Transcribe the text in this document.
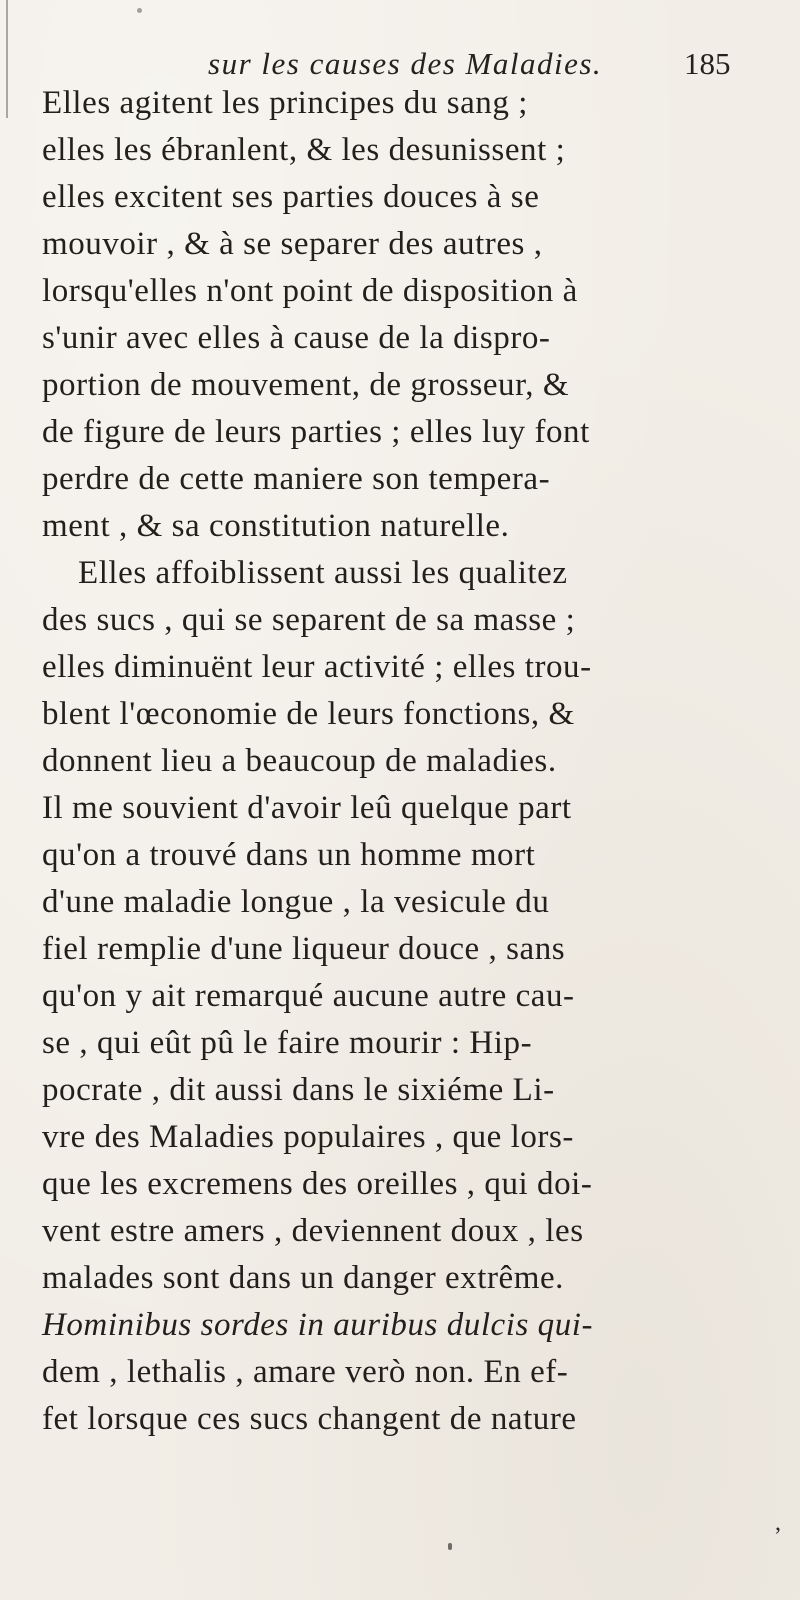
sur les causes des Maladies.	185
Elles agitent les principes du sang ;
elles les ébranlent, & les desunissent ;
elles excitent ses parties douces à se
mouvoir , & à se separer des autres ,
lorsqu'elles n'ont point de disposition à
s'unir avec elles à cause de la dispro-
portion de mouvement, de grosseur, &
de figure de leurs parties ; elles luy font
perdre de cette maniere son tempera-
ment , & sa constitution naturelle.
Elles affoiblissent aussi les qualitez
des sucs , qui se separent de sa masse ;
elles diminuënt leur activité ; elles trou-
blent l'œconomie de leurs fonctions, &
donnent lieu a beaucoup de maladies.
Il me souvient d'avoir leû quelque part
qu'on a trouvé dans un homme mort
d'une maladie longue , la vesicule du
fiel remplie d'une liqueur douce , sans
qu'on y ait remarqué aucune autre cau-
se , qui eût pû le faire mourir : Hip-
pocrate , dit aussi dans le sixiéme Li-
vre des Maladies populaires , que lors-
que les excremens des oreilles , qui doi-
vent estre amers , deviennent doux , les
malades sont dans un danger extrême.
Hominibus sordes in auribus dulcis qui-
dem , lethalis , amare verò non. En ef-
fet lorsque ces sucs changent de nature
,
